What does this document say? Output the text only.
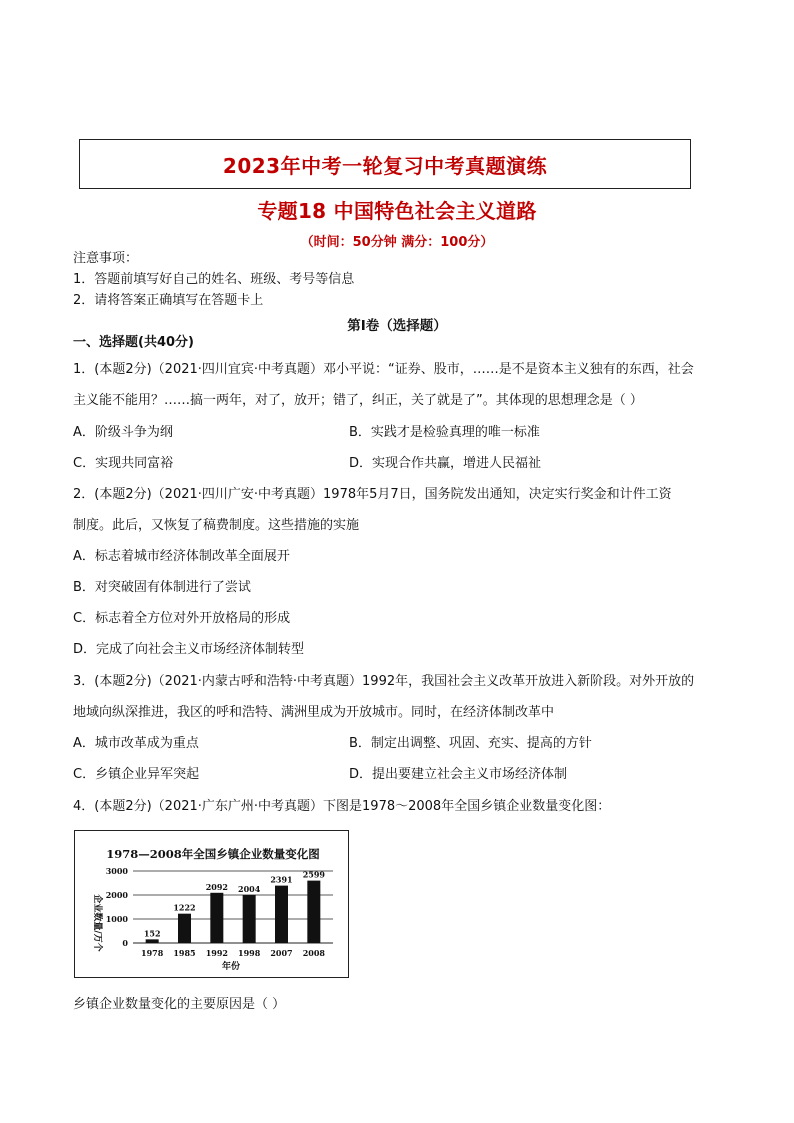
2023年中考一轮复习中考真题演练
专题18 中国特色社会主义道路
（时间：50分钟 满分：100分）
注意事项：
1．答题前填写好自己的姓名、班级、考号等信息
2．请将答案正确填写在答题卡上
第I卷（选择题）
一、选择题(共40分)
1．(本题2分)（2021·四川宜宾·中考真题）邓小平说：“证券、股市，……是不是资本主义独有的东西，社会
主义能不能用？……搞一两年，对了，放开；错了，纠正，关了就是了”。其体现的思想理念是（ ）
A．阶级斗争为纲	B．实践才是检验真理的唯一标准
C．实现共同富裕	D．实现合作共赢，增进人民福祉
2．(本题2分)（2021·四川广安·中考真题）1978年5月7日，国务院发出通知，决定实行奖金和计件工资
制度。此后，又恢复了稿费制度。这些措施的实施
A．标志着城市经济体制改革全面展开
B．对突破固有体制进行了尝试
C．标志着全方位对外开放格局的形成
D．完成了向社会主义市场经济体制转型
3．(本题2分)（2021·内蒙古呼和浩特·中考真题）1992年，我国社会主义改革开放进入新阶段。对外开放的
地域向纵深推进，我区的呼和浩特、满洲里成为开放城市。同时，在经济体制改革中
A．城市改革成为重点	B．制定出调整、巩固、充实、提高的方针
C．乡镇企业异军突起	D．提出要建立社会主义市场经济体制
4．(本题2分)（2021·广东广州·中考真题）下图是1978～2008年全国乡镇企业数量变化图：
1978—2008年全国乡镇企业数量变化图
企业数量/万个
年份
0
1000
2000
3000
152
1978
1222
1985
2092
1992
2004
1998
2391
2007
2599
2008
乡镇企业数量变化的主要原因是（ ）
